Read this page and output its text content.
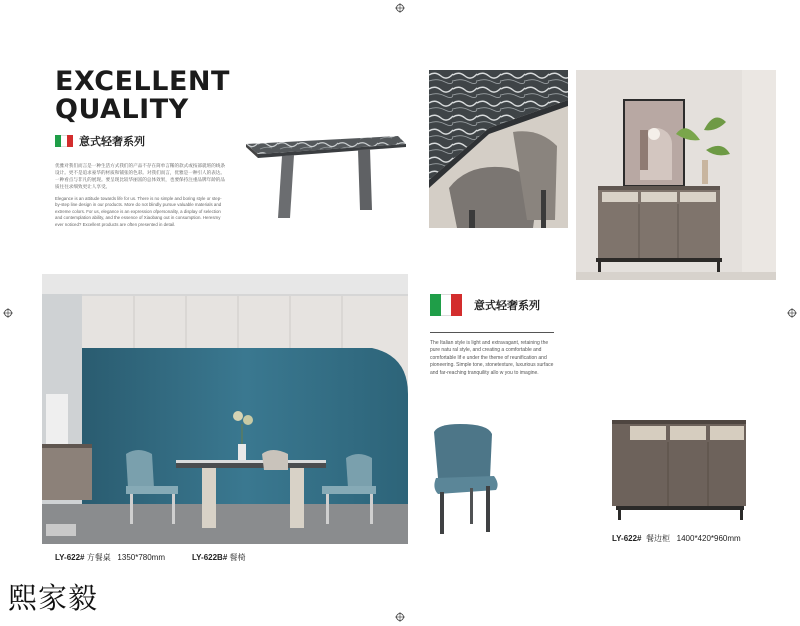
EXCELLENT
QUALITY
意式轻奢系列
优雅对我们而言是一种生活方式我们的产品不存在简单言稀的款式或按部就班的线条设计。更不是追求豪华的材质和铺张的色彩。对我们而言，优雅是一种引人的表达。一种看点与非凡的展现。要呈现比较华丽富的总体效果，也要保持注重品牌年龄的品质往往求细致更让人享受。
Elegance is an attitude towards life for us. There is no simple and boring style or step-by-step line design in our products. More do not blindly pursue valuable materials and extreme colors. For us, elegance is an expression ofpersonality, a display of selection and contemplation ability, and the essence of Xiaobang out in consumption. Heresmy ever noticed? Excellent products are often presented in detail.
意式轻奢系列
The Italian style is light and extravagant, retaining the pure natu ral style, and creating a comfortable and comfortable lif e under the theme of reunification and pioneering. Simple tone, stonetexture, luxurious surface and far-reaching tranquility allo w you to imagine.
LY-622# 方餐桌 1350*780mm	LY-622B# 餐椅
LY-622# 餐边柜 1400*420*960mm
熙家毅
